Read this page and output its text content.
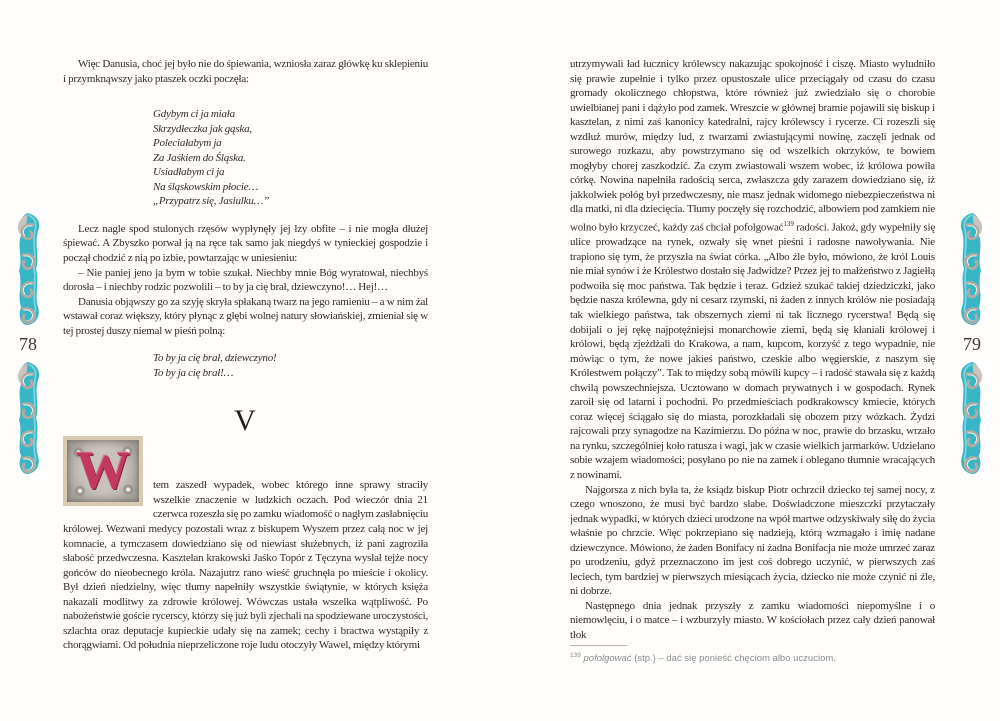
78	79

Więc Danusia, choć jej było nie do śpiewania, wzniosła zaraz główkę ku sklepieniu i przymknąwszy jako ptaszek oczki poczęła:

Gdybym ci ja miała
Skrzydłeczka jak gąska,
Poleciałabym ja
Za Jaśkiem do Śląska.
Usiadłabym ci ja
Na śląskowskim płocie…
„Przypatrz się, Jasiulku…”

Lecz nagle spod stulonych rzęsów wypłynęły jej łzy obfite – i nie mogła dłużej śpiewać. A Zbyszko porwał ją na ręce tak samo jak niegdyś w tynieckiej gospodzie i począł chodzić z nią po izbie, powtarzając w uniesieniu:

– Nie paniej jeno ja bym w tobie szukał. Niechby mnie Bóg wyratował, niechbyś dorosła – i niechby rodzic pozwolili – to by ja cię brał, dziewczyno!… Hej!…

Danusia objąwszy go za szyję skryła spłakaną twarz na jego ramieniu – a w nim żal wstawał coraz większy, który płynąc z głębi wolnej natury słowiańskiej, zmieniał się w tej prostej duszy niemal w pieśń polną:

To by ja cię brał, dziewczyno!
To by ja cię brał!…
V

W tem zaszedł wypadek, wobec którego inne sprawy straciły wszelkie znaczenie w ludzkich oczach. Pod wieczór dnia 21 czerwca rozeszła się po zamku wiadomość o nagłym zasłabnięciu królowej. Wezwani medycy pozostali wraz z biskupem Wyszem przez całą noc w jej komnacie, a tymczasem dowiedziano się od niewiast służebnych, iż pani zagroziła słabość przedwczesna. Kasztelan krakowski Jaśko Topór z Tęczyna wysłał tejże nocy gońców do nieobecnego króla. Nazajutrz rano wieść gruchnęła po mieście i okolicy. Był dzień niedzielny, więc tłumy napełniły wszystkie świątynie, w których księża nakazali modlitwy za zdrowie królowej. Wówczas ustała wszelka wątpliwość. Po nabożeństwie goście rycerscy, którzy się już byli zjechali na spodziewane uroczystości, szlachta oraz deputacje kupieckie udały się na zamek; cechy i bractwa wystąpiły z chorągwiami. Od południa nieprzeliczone roje ludu otoczyły Wawel, między którymi

utrzymywali ład łucznicy królewscy nakazując spokojność i ciszę. Miasto wyludniło się prawie zupełnie i tylko przez opustoszałe ulice przeciągały od czasu do czasu gromady okolicznego chłopstwa, które również już zwiedziało się o chorobie uwielbianej pani i dążyło pod zamek. Wreszcie w głównej bramie pojawili się biskup i kasztelan, z nimi zaś kanonicy katedralni, rajcy królewscy i rycerze. Ci rozeszli się wzdłuż murów, między lud, z twarzami zwiastującymi nowinę, zaczęli jednak od surowego rozkazu, aby powstrzymano się od wszelkich okrzyków, te bowiem mogłyby chorej zaszkodzić. Za czym zwiastowali wszem wobec, iż królowa powiła córkę. Nowina napełniła radością serca, zwłaszcza gdy zarazem dowiedziano się, iż jakkolwiek połóg był przedwczesny, nie masz jednak widomego niebezpieczeństwa ni dla matki, ni dla dziecięcia. Tłumy poczęły się rozchodzić, albowiem pod zamkiem nie wolno było krzyczeć, każdy zaś chciał pofolgować$^{139}$ radości. Jakoż, gdy wypełniły się ulice prowadzące na rynek, ozwały się wnet pieśni i radosne nawoływania. Nie trapiono się tym, że przyszła na świat córka. „Albo źle było, mówiono, że król Louis nie miał synów i że Królestwo dostało się Jadwidze? Przez jej to małżeństwo z Jagiełłą podwoiła się moc państwa. Tak będzie i teraz. Gdzież szukać takiej dziedziczki, jako będzie nasza królewna, gdy ni cesarz rzymski, ni żaden z innych królów nie posiadają tak wielkiego państwa, tak obszernych ziemi ni tak licznego rycerstwa! Będą się dobijali o jej rękę najpotężniejsi monarchowie ziemi, będą się kłaniali królowej i królowi, będą zjeżdżali do Krakowa, a nam, kupcom, korzyść z tego wypadnie, nie mówiąc o tym, że nowe jakieś państwo, czeskie albo węgierskie, z naszym się Królestwem połączy”. Tak to między sobą mówili kupcy – i radość stawała się z każdą chwilą powszechniejsza. Ucztowano w domach prywatnych i w gospodach. Rynek zaroił się od latarni i pochodni. Po przedmieściach podkrakowscy kmiecie, których coraz więcej ściągało się do miasta, porozkładali się obozem przy wózkach. Żydzi rajcowali przy synagodze na Kazimierzu. Do późna w noc, prawie do brzasku, wrzało na rynku, szczególniej koło ratusza i wagi, jak w czasie wielkich jarmarków. Udzielano sobie wzajem wiadomości; posyłano po nie na zamek i oblegano tłumnie wracających z nowinami.

Najgorsza z nich była ta, że ksiądz biskup Piotr ochrzcił dziecko tej samej nocy, z czego wnoszono, że musi być bardzo słabe. Doświadczone mieszczki przytaczały jednak wypadki, w których dzieci urodzone na wpół martwe odzyskiwały siłę do życia właśnie po chrzcie. Więc pokrzepiano się nadzieją, którą wzmagało i imię nadane dziewczynce. Mówiono, że żaden Bonifacy ni żadna Bonifacja nie może umrzeć zaraz po urodzeniu, gdyż przeznaczono im jest coś dobrego uczynić, w pierwszych zaś leciech, tym bardziej w pierwszych miesiącach życia, dziecko nie może czynić ni źle, ni dobrze.

Następnego dnia jednak przyszły z zamku wiadomości niepomyślne i o niemowlęciu, i o matce – i wzburzyły miasto. W kościołach przez cały dzień panował tłok

$^{139}$ pofolgować (stp.) – dać się ponieść chęciom albo uczuciom.
